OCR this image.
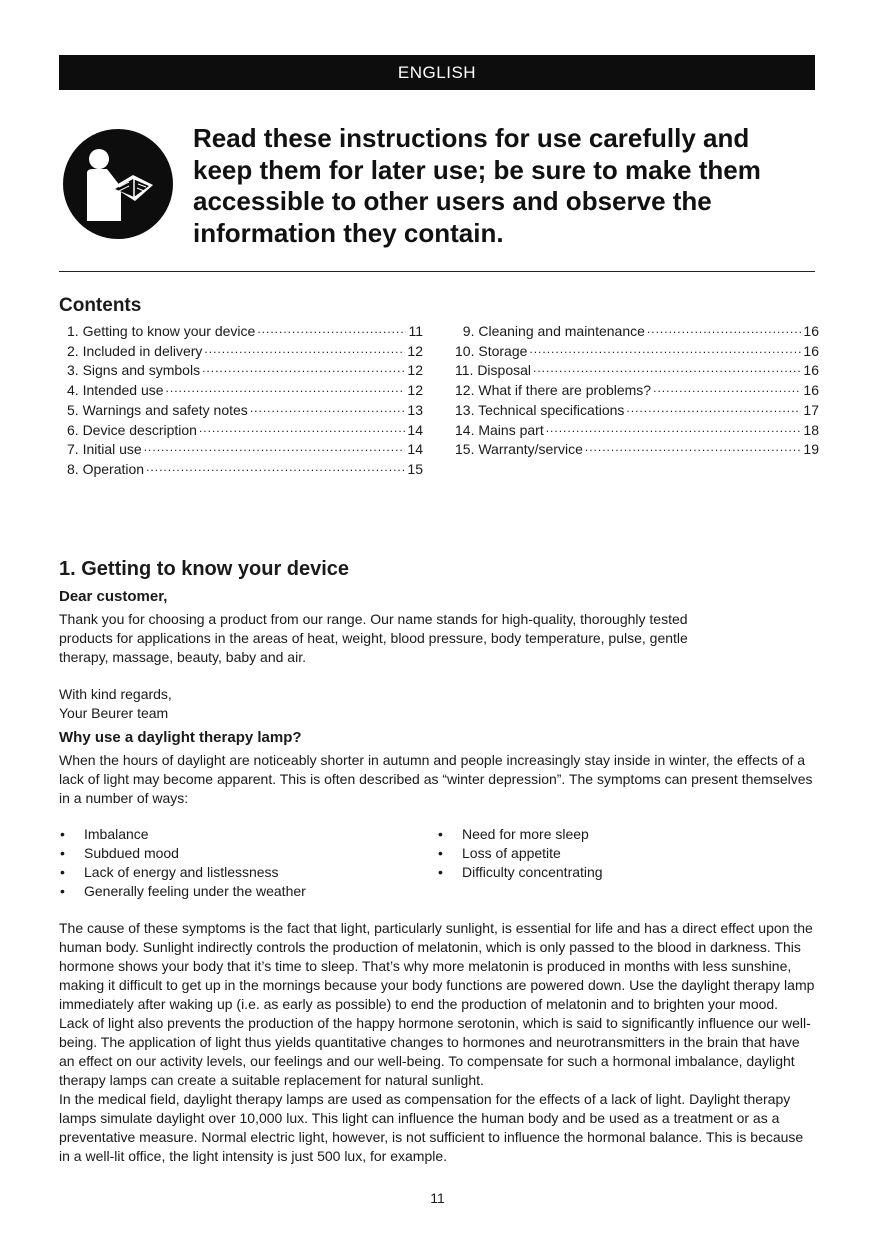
ENGLISH
Read these instructions for use carefully and keep them for later use; be sure to make them accessible to other users and observe the information they contain.
Contents
1. Getting to know your device .....	11
2. Included in delivery .....	12
3. Signs and symbols .....	12
4. Intended use .....	12
5. Warnings and safety notes .....	13
6. Device description .....	14
7. Initial use .....	14
8. Operation .....	15
9. Cleaning and maintenance .....	16
10. Storage .....	16
11. Disposal .....	16
12. What if there are problems? .....	16
13. Technical specifications .....	17
14. Mains part .....	18
15. Warranty/service .....	19
1. Getting to know your device
Dear customer,
Thank you for choosing a product from our range. Our name stands for high-quality, thoroughly tested products for applications in the areas of heat, weight, blood pressure, body temperature, pulse, gentle therapy, massage, beauty, baby and air.
With kind regards,
Your Beurer team
Why use a daylight therapy lamp?
When the hours of daylight are noticeably shorter in autumn and people increasingly stay inside in winter, the effects of a lack of light may become apparent. This is often described as “winter depression”. The symptoms can present themselves in a number of ways:
•	Imbalance
•	Subdued mood
•	Lack of energy and listlessness
•	Generally feeling under the weather
•	Need for more sleep
•	Loss of appetite
•	Difficulty concentrating
The cause of these symptoms is the fact that light, particularly sunlight, is essential for life and has a direct effect upon the human body. Sunlight indirectly controls the production of melatonin, which is only passed to the blood in darkness. This hormone shows your body that it’s time to sleep. That’s why more melatonin is produced in months with less sunshine, making it difficult to get up in the mornings because your body functions are powered down. Use the daylight therapy lamp immediately after waking up (i.e. as early as possible) to end the production of melatonin and to brighten your mood.
Lack of light also prevents the production of the happy hormone serotonin, which is said to significantly influence our well-being. The application of light thus yields quantitative changes to hormones and neurotransmitters in the brain that have an effect on our activity levels, our feelings and our well-being. To compensate for such a hormonal imbalance, daylight therapy lamps can create a suitable replacement for natural sunlight.
In the medical field, daylight therapy lamps are used as compensation for the effects of a lack of light. Daylight therapy lamps simulate daylight over 10,000 lux. This light can influence the human body and be used as a treatment or as a preventative measure. Normal electric light, however, is not sufficient to influence the hormonal balance. This is because in a well-lit office, the light intensity is just 500 lux, for example.
11
